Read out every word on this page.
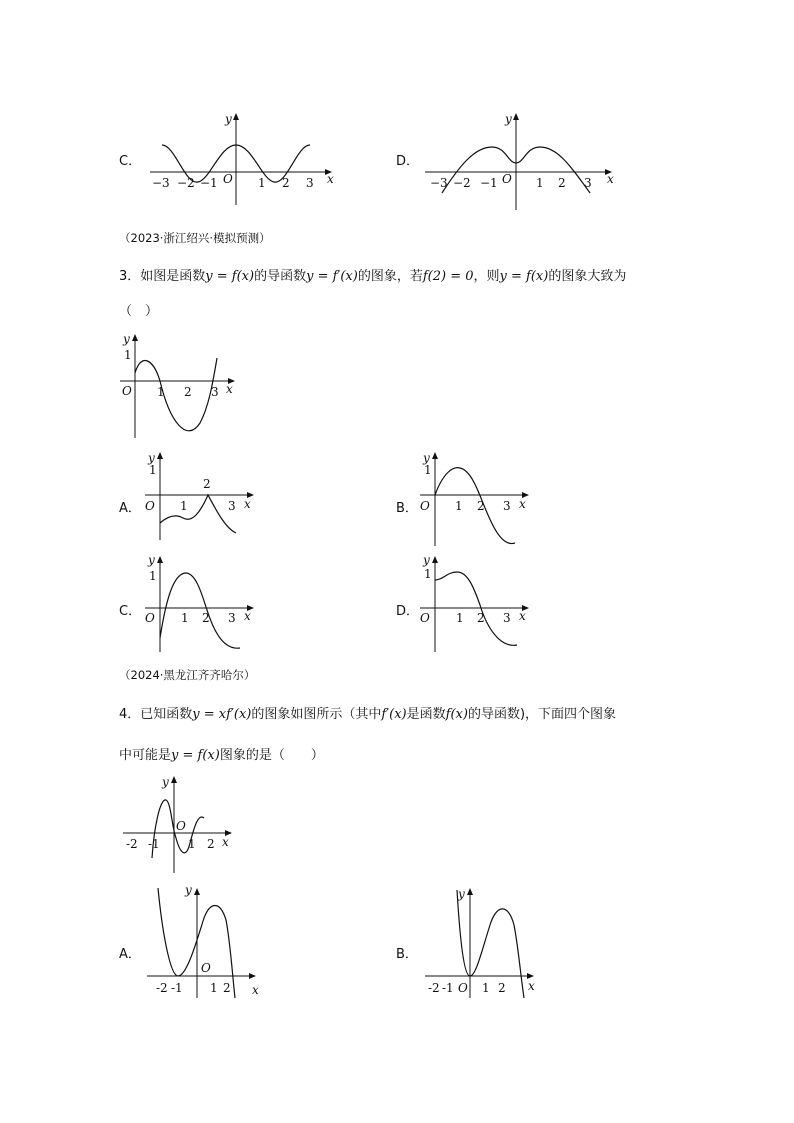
C．
−3 −2 −1 O 1 2 3 x
y
D．
−3 −2 −1 O 1 2 3 x
y
（2023·浙江绍兴·模拟预测）
3．如图是函数y = f(x)的导函数y = f′(x)的图象，若f(2) = 0，则y = f(x)的图象大致为
（　）
1
O 1 2 3 x
y
A．
1
O 1
2
3 x
y
B．
1
O 1 2 3 x
y
C．
1
O 1 2 3 x
y
D．
1
O 1 2 3 x
y
（2024·黑龙江齐齐哈尔）
4．已知函数y = xf′(x)的图象如图所示（其中f′(x)是函数f(x)的导函数)，下面四个图象
中可能是y = f(x)图象的是（　　）
-2 -1
O
1 2 x
y
A．
-2 -1
O
1 2 x
y
B．
-2 -1 O 1 2 x
y
